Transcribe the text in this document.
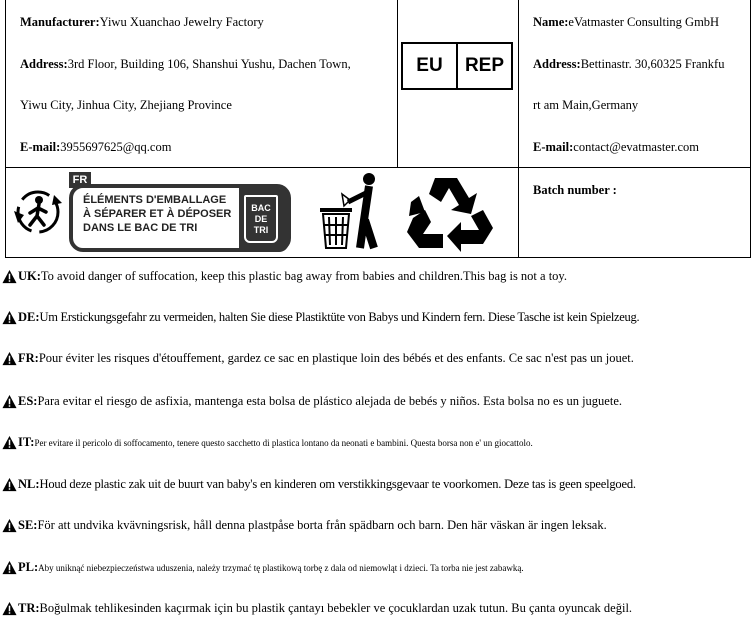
Manufacturer:Yiwu Xuanchao Jewelry Factory
Address:3rd Floor, Building 106, Shanshui Yushu, Dachen Town,
Yiwu City, Jinhua City, Zhejiang Province
E-mail:3955697625@qq.com
Name:eVatmaster Consulting GmbH
Address:Bettinastr. 30,60325 Frankfu
rt am Main,Germany
E-mail:contact@evatmaster.com
Batch number :
FR
ÉLÉMENTS D'EMBALLAGE
À SÉPARER ET À DÉPOSER
DANS LE BAC DE TRI
BAC
DE
TRI
EU	REP
UK: To avoid danger of suffocation, keep this plastic bag away from babies and children.This bag is not a toy.
DE: Um Erstickungsgefahr zu vermeiden, halten Sie diese Plastiktüte von Babys und Kindern fern. Diese Tasche ist kein Spielzeug.
FR: Pour éviter les risques d'étouffement, gardez ce sac en plastique loin des bébés et des enfants. Ce sac n'est pas un jouet.
ES: Para evitar el riesgo de asfixia, mantenga esta bolsa de plástico alejada de bebés y niños. Esta bolsa no es un juguete.
IT: Per evitare il pericolo di soffocamento, tenere questo sacchetto di plastica lontano da neonati e bambini. Questa borsa non e' un giocattolo.
NL: Houd deze plastic zak uit de buurt van baby's en kinderen om verstikkingsgevaar te voorkomen. Deze tas is geen speelgoed.
SE: För att undvika kvävningsrisk, håll denna plastpåse borta från spädbarn och barn. Den här väskan är ingen leksak.
PL: Aby uniknąć niebezpieczeństwa uduszenia, należy trzymać tę plastikową torbę z dala od niemowląt i dzieci. Ta torba nie jest zabawką.
TR: Boğulmak tehlikesinden kaçırmak için bu plastik çantayı bebekler ve çocuklardan uzak tutun. Bu çanta oyuncak değil.
